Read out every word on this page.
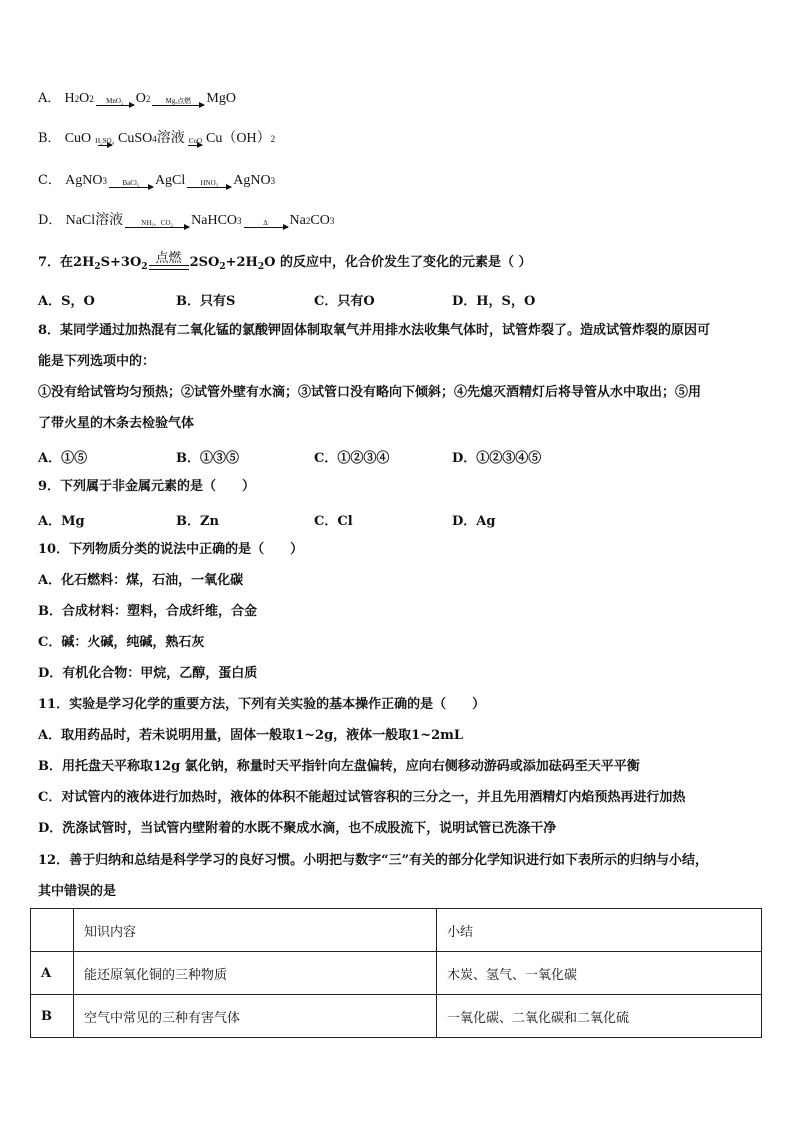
A． H 2 O 2 MnO₂ O 2 Mg,点燃 MgO
B． CuO H₂SO₄ CuSO 4 溶液 CuO Cu（OH） 2
C． AgNO 3 BaCl₂ AgCl HNO₃ AgNO 3
D． NaCl溶液	NH₃、CO₂ NaHCO 3	Δ Na 2 CO 3
7．在$2H_2S+3O_2$
点燃 $2SO_2+2H_2O$ 的反应中，化合价发生了变化的元素是（ ）
A．S，O	B．只有S	C．只有O	D．H，S，O
8．某同学通过加热混有二氧化锰的氯酸钾固体制取氧气并用排水法收集气体时，试管炸裂了。造成试管炸裂的原因可
能是下列选项中的：
①没有给试管均匀预热；②试管外壁有水滴；③试管口没有略向下倾斜；④先熄灭酒精灯后将导管从水中取出；⑤用
了带火星的木条去检验气体
A．①⑤	B．①③⑤	C．①②③④	D．①②③④⑤
9．下列属于非金属元素的是（　　）
A．Mg	B．Zn	C．Cl	D．Ag
10．下列物质分类的说法中正确的是（　　）
A．化石燃料：煤，石油，一氧化碳
B．合成材料：塑料，合成纤维，合金
C．碱：火碱，纯碱，熟石灰
D．有机化合物：甲烷，乙醇，蛋白质
11．实验是学习化学的重要方法，下列有关实验的基本操作正确的是（　　）
A．取用药品时，若未说明用量，固体一般取1~2g，液体一般取1~2mL
B．用托盘天平称取12g 氯化钠，称量时天平指针向左盘偏转，应向右侧移动游码或添加砝码至天平平衡
C．对试管内的液体进行加热时，液体的体积不能超过试管容积的三分之一，并且先用酒精灯内焰预热再进行加热
D．洗涤试管时，当试管内壁附着的水既不聚成水滴，也不成股流下，说明试管已洗涤干净
12．善于归纳和总结是科学学习的良好习惯。小明把与数字“三”有关的部分化学知识进行如下表所示的归纳与小结，
其中错误的是
	知识内容	小结
A	能还原氧化铜的三种物质	木炭、氢气、一氧化碳
B	空气中常见的三种有害气体	一氧化碳、二氧化碳和二氧化硫
